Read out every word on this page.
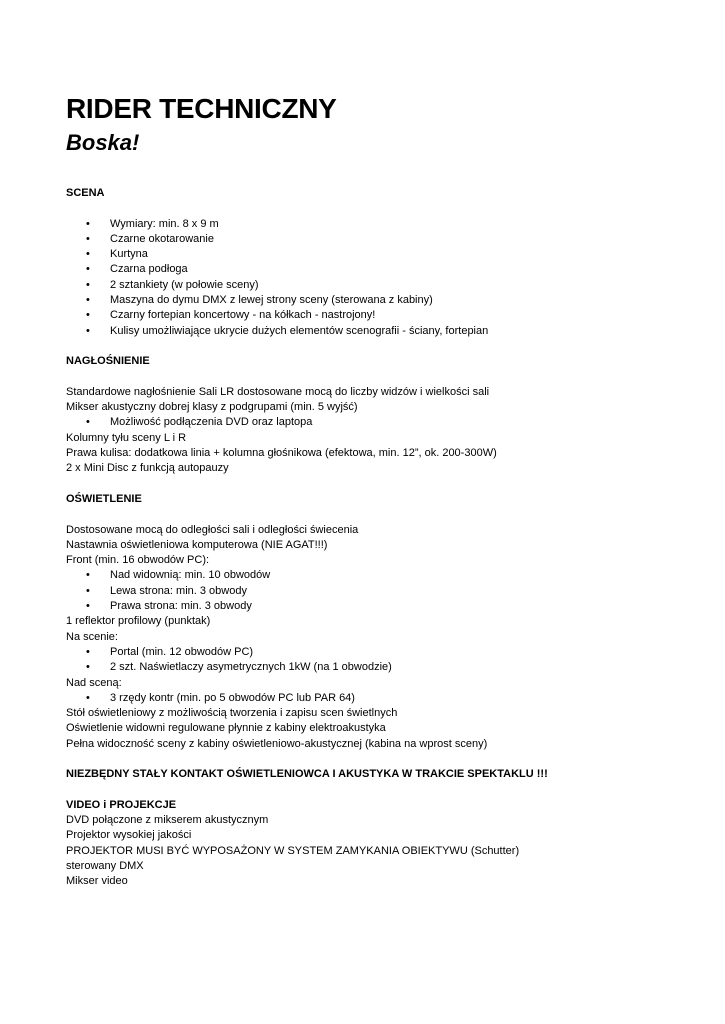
RIDER TECHNICZNY
Boska!

SCENA

• Wymiary: min. 8 x 9 m
• Czarne okotarowanie
• Kurtyna
• Czarna podłoga
• 2 sztankiety (w połowie sceny)
• Maszyna do dymu DMX z lewej strony sceny (sterowana z kabiny)
• Czarny fortepian koncertowy - na kółkach - nastrojony!
• Kulisy umożliwiające ukrycie dużych elementów scenografii - ściany, fortepian

NAGŁOŚNIENIE

Standardowe nagłośnienie Sali LR dostosowane mocą do liczby widzów i wielkości sali

Mikser akustyczny dobrej klasy z podgrupami (min. 5 wyjść)

• Możliwość podłączenia DVD oraz laptopa

Kolumny tyłu sceny L i R

Prawa kulisa: dodatkowa linia + kolumna głośnikowa (efektowa, min. 12”, ok. 200-300W)

2 x Mini Disc z funkcją autopauzy

OŚWIETLENIE

Dostosowane mocą do odległości sali i odległości świecenia

Nastawnia oświetleniowa komputerowa (NIE AGAT!!!)

Front (min. 16 obwodów PC):

• Nad widownią: min. 10 obwodów
• Lewa strona: min. 3 obwody
• Prawa strona: min. 3 obwody

1 reflektor profilowy (punktak)

Na scenie:

• Portal (min. 12 obwodów PC)
• 2 szt. Naświetlaczy asymetrycznych 1kW (na 1 obwodzie)

Nad sceną:

• 3 rzędy kontr (min. po 5 obwodów PC lub PAR 64)

Stół oświetleniowy z możliwością tworzenia i zapisu scen świetlnych

Oświetlenie widowni regulowane płynnie z kabiny elektroakustyka

Pełna widoczność sceny z kabiny oświetleniowo-akustycznej (kabina na wprost sceny)

NIEZBĘDNY STAŁY KONTAKT OŚWIETLENIOWCA I AKUSTYKA W TRAKCIE SPEKTAKLU !!!

VIDEO i PROJEKCJE

DVD połączone z mikserem akustycznym

Projektor wysokiej jakości

PROJEKTOR MUSI BYĆ WYPOSAŻONY W SYSTEM ZAMYKANIA OBIEKTYWU (Schutter)

sterowany DMX

Mikser video
